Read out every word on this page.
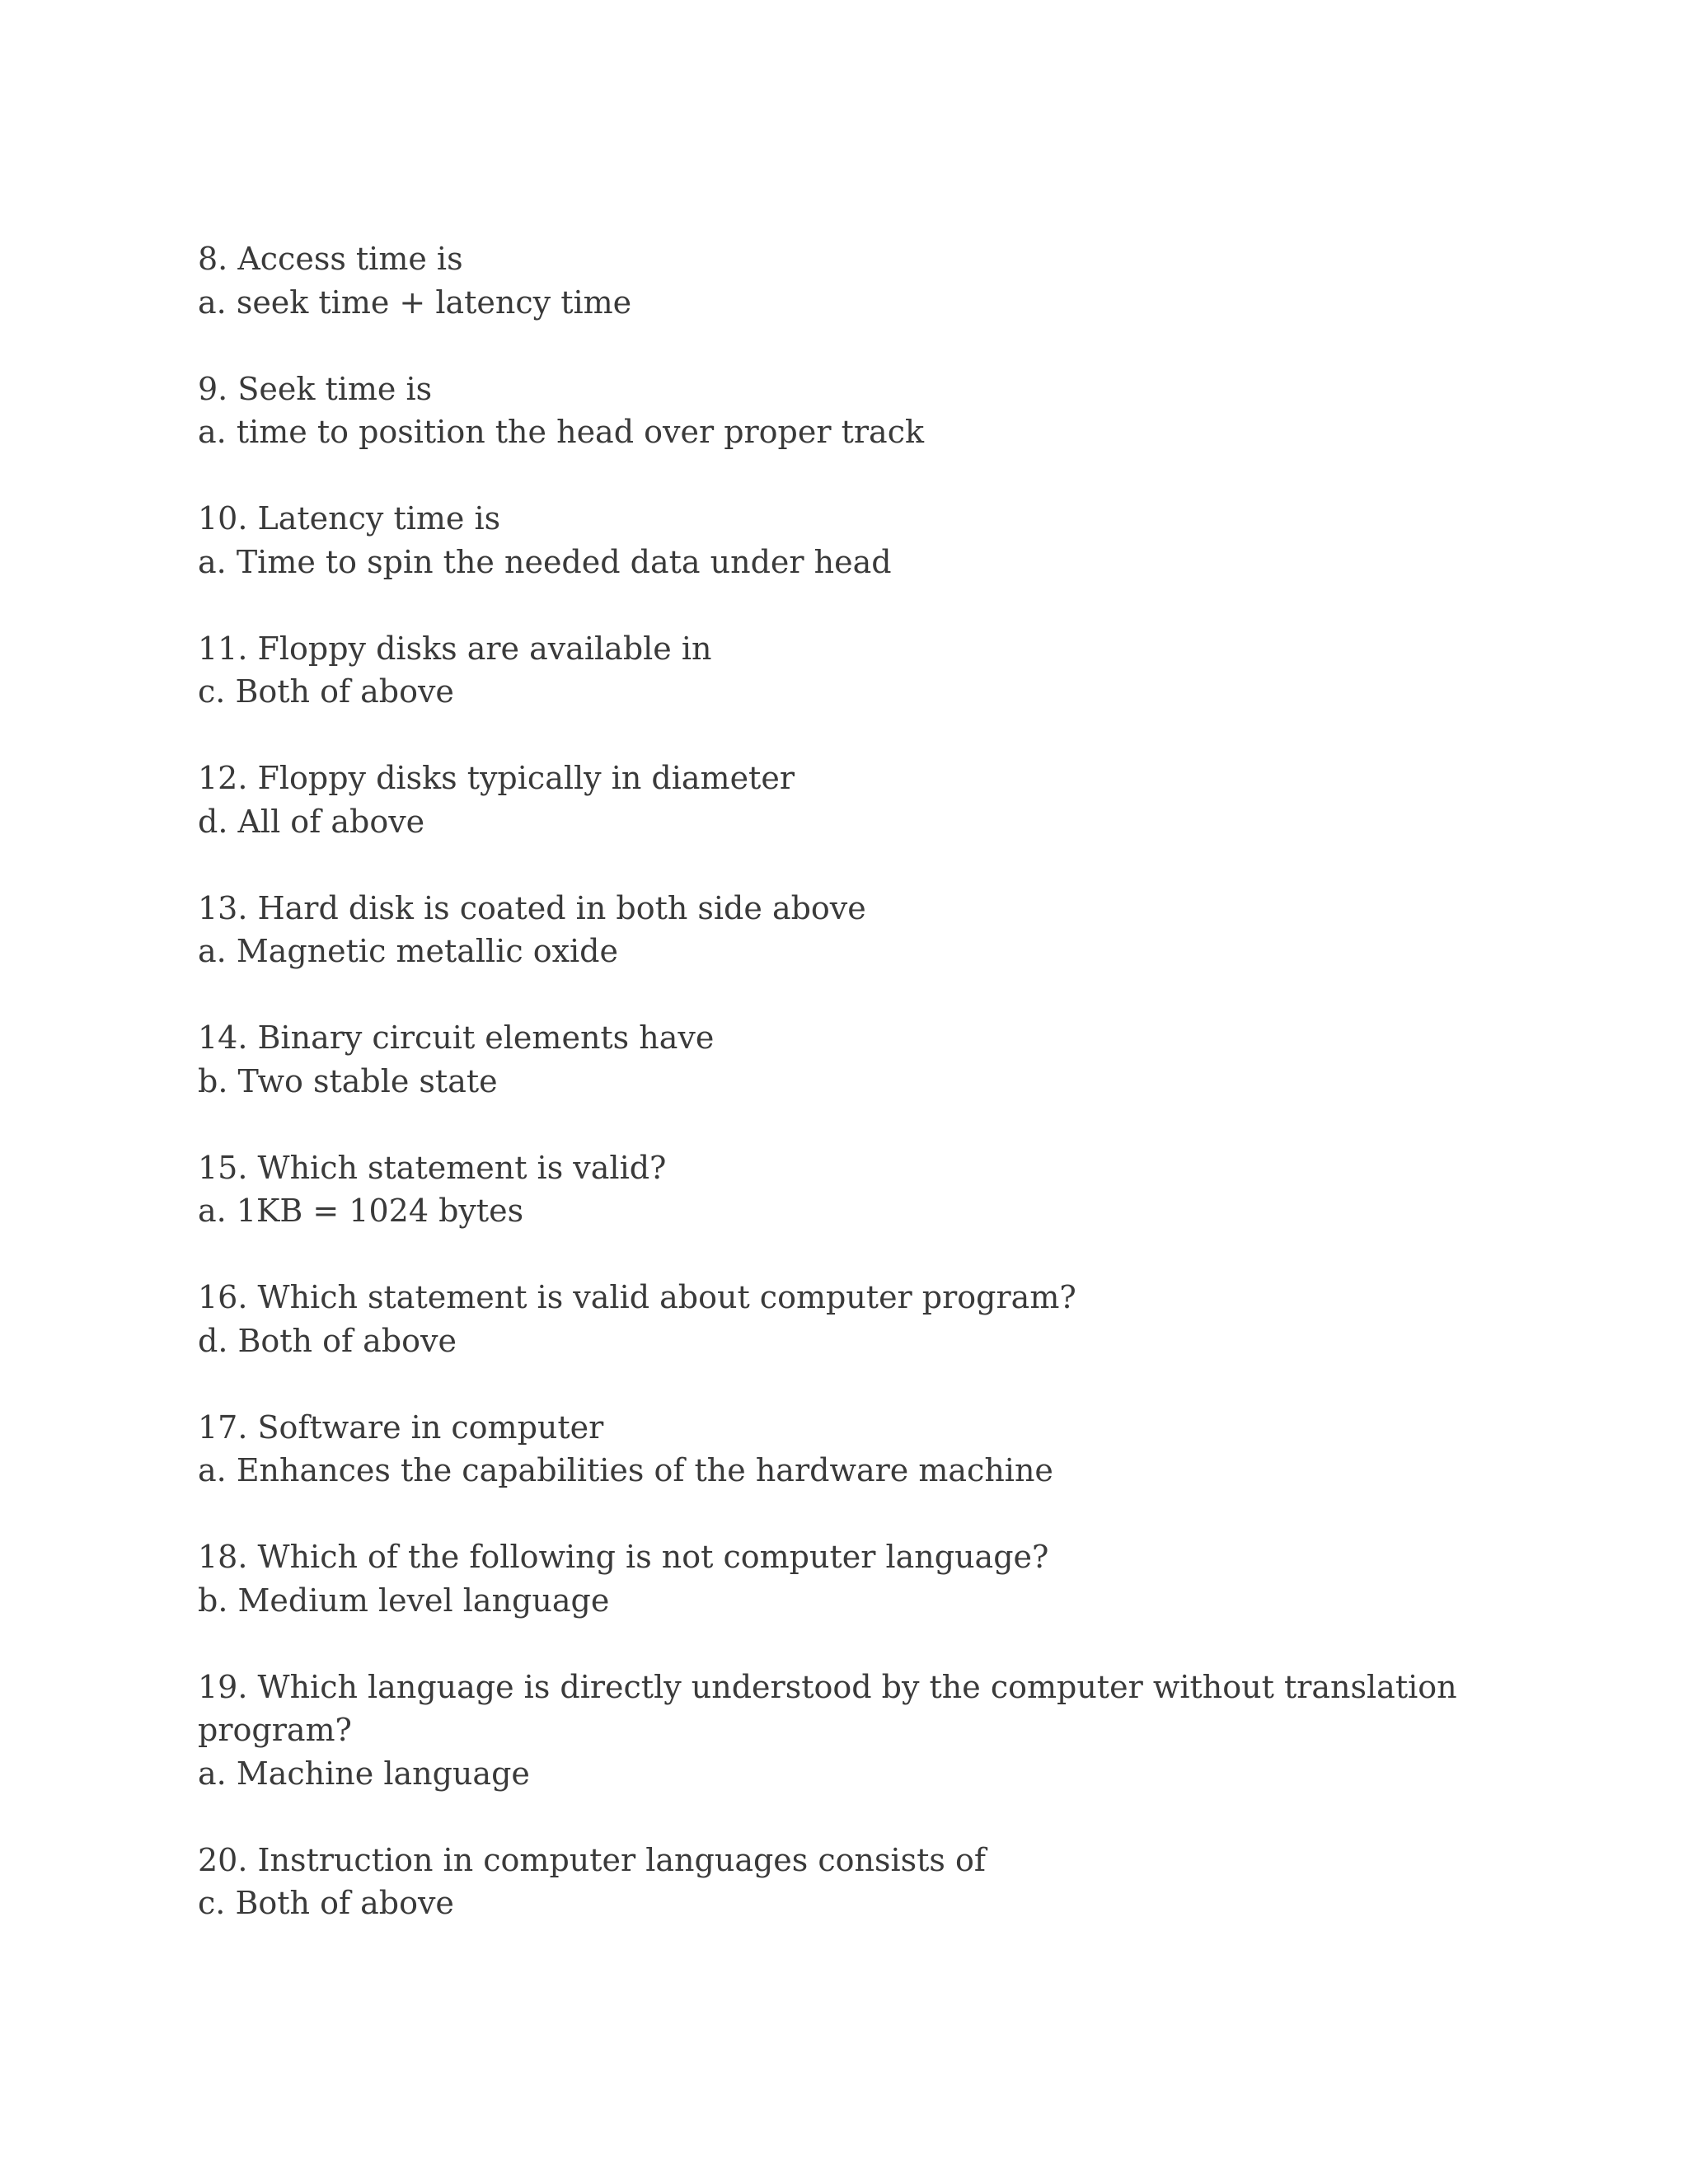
8. Access time is
a. seek time + latency time
9. Seek time is
a. time to position the head over proper track
10. Latency time is
a. Time to spin the needed data under head
11. Floppy disks are available in
c. Both of above
12. Floppy disks typically in diameter
d. All of above
13. Hard disk is coated in both side above
a. Magnetic metallic oxide
14. Binary circuit elements have
b. Two stable state
15. Which statement is valid?
a. 1KB = 1024 bytes
16. Which statement is valid about computer program?
d. Both of above
17. Software in computer
a. Enhances the capabilities of the hardware machine
18. Which of the following is not computer language?
b. Medium level language
19. Which language is directly understood by the computer without translation program?
a. Machine language
20. Instruction in computer languages consists of
c. Both of above
